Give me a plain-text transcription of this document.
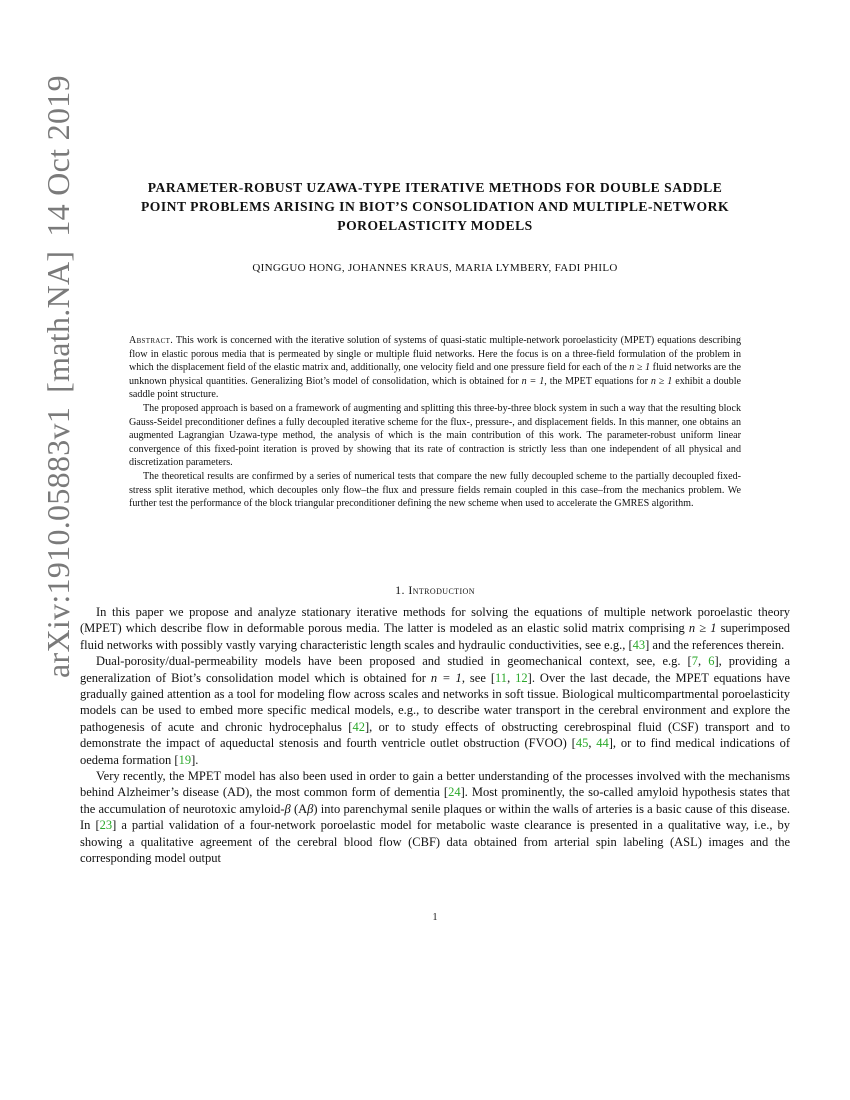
arXiv:1910.05883v1[math.NA]14 Oct 2019	PARAMETER-ROBUST UZAWA-TYPE ITERATIVE METHODS FOR DOUBLE SADDLE
POINT PROBLEMS ARISING IN BIOT’S CONSOLIDATION AND MULTIPLE-NETWORK
POROELASTICITY MODELS
QINGGUO HONG, JOHANNES KRAUS, MARIA LYMBERY, FADI PHILO

Abstract. This work is concerned with the iterative solution of systems of quasi-static multiple-network poroelasticity (MPET) equations describing flow in elastic porous media that is permeated by single or multiple fluid networks. Here the focus is on a three-field formulation of the problem in which the displacement field of the elastic matrix and, additionally, one velocity field and one pressure field for each of the n ≥ 1 fluid networks are the unknown physical quantities. Generalizing Biot’s model of consolidation, which is obtained for n = 1, the MPET equations for n ≥ 1 exhibit a double saddle point structure.

The proposed approach is based on a framework of augmenting and splitting this three-by-three block system in such a way that the resulting block Gauss-Seidel preconditioner defines a fully decoupled iterative scheme for the flux-, pressure-, and displacement fields. In this manner, one obtains an augmented Lagrangian Uzawa-type method, the analysis of which is the main contribution of this work. The parameter-robust uniform linear convergence of this fixed-point iteration is proved by showing that its rate of contraction is strictly less than one independent of all physical and discretization parameters.

The theoretical results are confirmed by a series of numerical tests that compare the new fully decoupled scheme to the partially decoupled fixed-stress split iterative method, which decouples only flow–the flux and pressure fields remain coupled in this case–from the mechanics problem. We further test the performance of the block triangular preconditioner defining the new scheme when used to accelerate the GMRES algorithm.

1. Introduction

In this paper we propose and analyze stationary iterative methods for solving the equations of multiple network poroelastic theory (MPET) which describe flow in deformable porous media. The latter is modeled as an elastic solid matrix comprising n ≥ 1 superimposed fluid networks with possibly vastly varying characteristic length scales and hydraulic conductivities, see e.g., [43] and the references therein.

Dual-porosity/dual-permeability models have been proposed and studied in geomechanical context, see, e.g. [7, 6], providing a generalization of Biot’s consolidation model which is obtained for n = 1, see [11, 12]. Over the last decade, the MPET equations have gradually gained attention as a tool for modeling flow across scales and networks in soft tissue. Biological multicompartmental poroelasticity models can be used to embed more specific medical models, e.g., to describe water transport in the cerebral environment and explore the pathogenesis of acute and chronic hydrocephalus [42], or to study effects of obstructing cerebrospinal fluid (CSF) transport and to demonstrate the impact of aqueductal stenosis and fourth ventricle outlet obstruction (FVOO) [45, 44], or to find medical indications of oedema formation [19].

Very recently, the MPET model has also been used in order to gain a better understanding of the processes involved with the mechanisms behind Alzheimer’s disease (AD), the most common form of dementia [24]. Most prominently, the so-called amyloid hypothesis states that the accumulation of neurotoxic amyloid-β (Aβ) into parenchymal senile plaques or within the walls of arteries is a basic cause of this disease. In [23] a partial validation of a four-network poroelastic model for metabolic waste clearance is presented in a qualitative way, i.e., by showing a qualitative agreement of the cerebral blood flow (CBF) data obtained from arterial spin labeling (ASL) images and the corresponding model output

1
